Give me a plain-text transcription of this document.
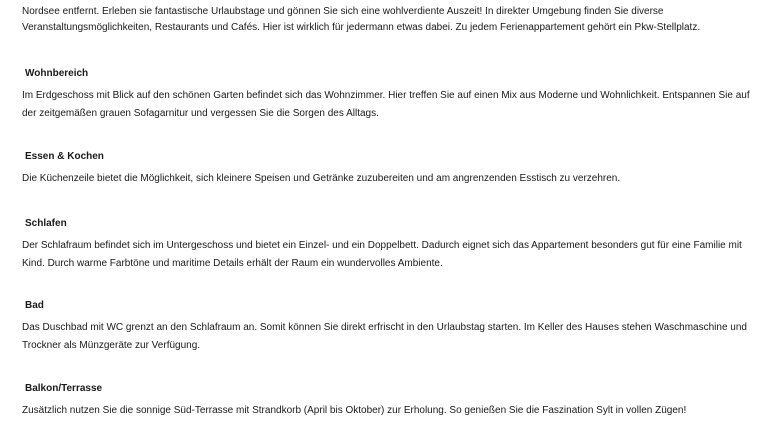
Nordsee entfernt. Erleben sie fantastische Urlaubstage und gönnen Sie sich eine wohlverdiente Auszeit! In direkter Umgebung finden Sie diverse
Veranstaltungsmöglichkeiten, Restaurants und Cafés. Hier ist wirklich für jedermann etwas dabei. Zu jedem Ferienappartement gehört ein Pkw-Stellplatz.

Wohnbereich

Im Erdgeschoss mit Blick auf den schönen Garten befindet sich das Wohnzimmer. Hier treffen Sie auf einen Mix aus Moderne und Wohnlichkeit. Entspannen Sie auf der zeitgemäßen grauen Sofagarnitur und vergessen Sie die Sorgen des Alltags.

Essen & Kochen

Die Küchenzeile bietet die Möglichkeit, sich kleinere Speisen und Getränke zuzubereiten und am angrenzenden Esstisch zu verzehren.

Schlafen

Der Schlafraum befindet sich im Untergeschoss und bietet ein Einzel- und ein Doppelbett. Dadurch eignet sich das Appartement besonders gut für eine Familie mit Kind. Durch warme Farbtöne und maritime Details erhält der Raum ein wundervolles Ambiente.

Bad

Das Duschbad mit WC grenzt an den Schlafraum an. Somit können Sie direkt erfrischt in den Urlaubstag starten. Im Keller des Hauses stehen Waschmaschine und Trockner als Münzgeräte zur Verfügung.

Balkon/Terrasse

Zusätzlich nutzen Sie die sonnige Süd-Terrasse mit Strandkorb (April bis Oktober) zur Erholung. So genießen Sie die Faszination Sylt in vollen Zügen!
